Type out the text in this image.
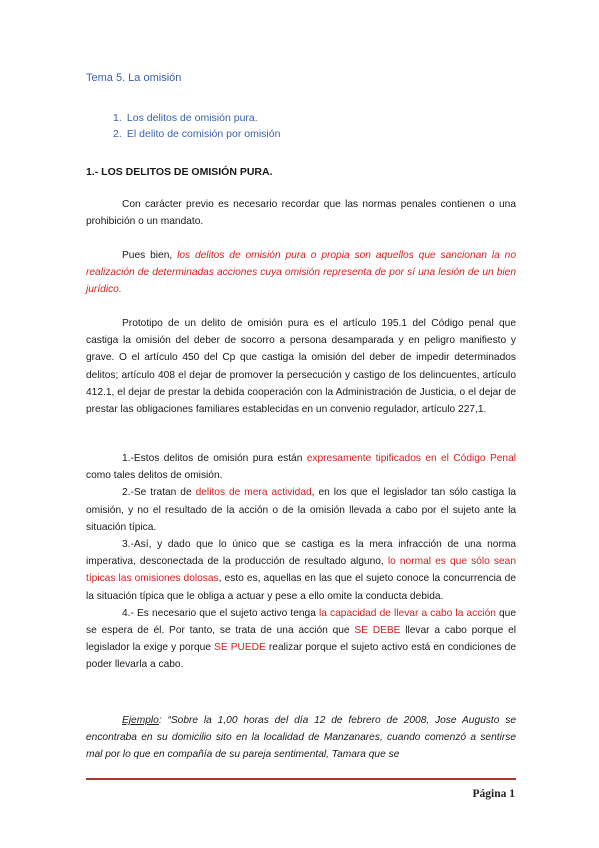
Tema 5. La omisión
1. Los delitos de omisión pura.
2. El delito de comisión por omisión
1.- LOS DELITOS DE OMISIÓN PURA.
Con carácter previo es necesario recordar que las normas penales contienen o una prohibición o un mandato.
Pues bien, los delitos de omisión pura o propia son aquellos que sancionan la no realización de determinadas acciones cuya omisión representa de por sí una lesión de un bien jurídico.
Prototipo de un delito de omisión pura es el artículo 195.1 del Código penal que castiga la omisión del deber de socorro a persona desamparada y en peligro manifiesto y grave. O el artículo 450 del Cp que castiga la omisión del deber de impedir determinados delitos; artículo 408 el dejar de promover la persecución y castigo de los delincuentes, artículo 412.1, el dejar de prestar la debida cooperación con la Administración de Justicia, o el dejar de prestar las obligaciones familiares establecidas en un convenio regulador, artículo 227,1.
1.-Estos delitos de omisión pura están expresamente tipificados en el Código Penal como tales delitos de omisión.
2.-Se tratan de delitos de mera actividad, en los que el legislador tan sólo castiga la omisión, y no el resultado de la acción o de la omisión llevada a cabo por el sujeto ante la situación típica.
3.-Así, y dado que lo único que se castiga es la mera infracción de una norma imperativa, desconectada de la producción de resultado alguno, lo normal es que sólo sean típicas las omisiones dolosas, esto es, aquellas en las que el sujeto conoce la concurrencia de la situación típica que le obliga a actuar y pese a ello omite la conducta debida.
4.- Es necesario que el sujeto activo tenga la capacidad de llevar a cabo la acción que se espera de él. Por tanto, se trata de una acción que SE DEBE llevar a cabo porque el legislador la exige y porque SE PUEDE realizar porque el sujeto activo está en condiciones de poder llevarla a cabo.
Ejemplo: “Sobre la 1,00 horas del día 12 de febrero de 2008, Jose Augusto se encontraba en su domicilio sito en la localidad de Manzanares, cuando comenzó a sentirse mal por lo que en compañía de su pareja sentimental, Tamara que se
Página 1
